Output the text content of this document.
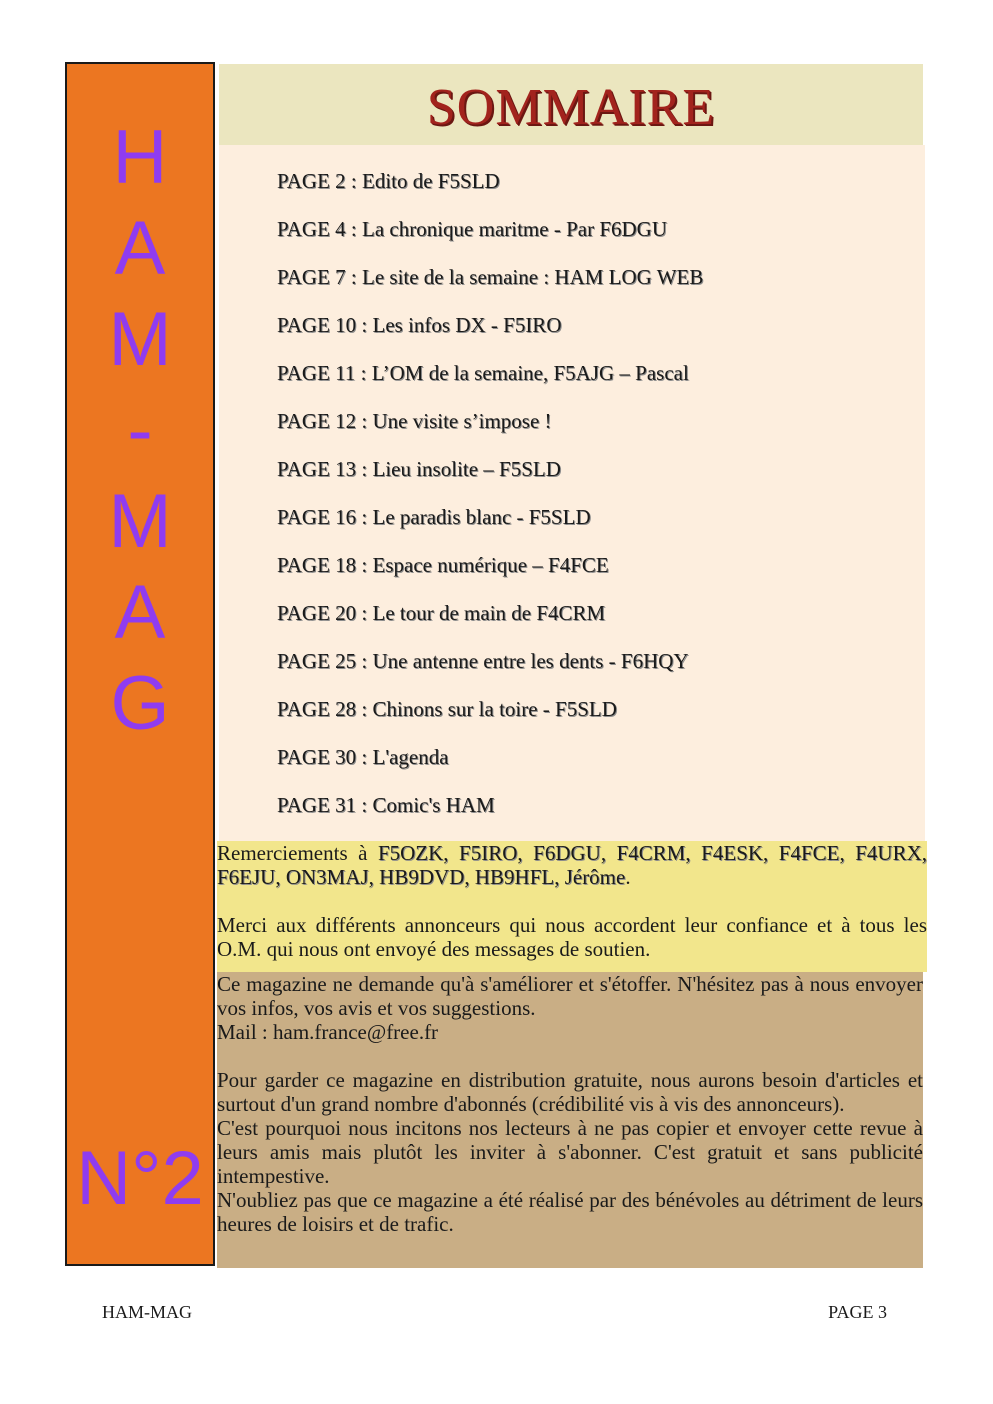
H
A
M
-
M
A
G
N°2
SOMMAIRE
PAGE 2 : Edito de F5SLD
PAGE 4 : La chronique maritme - Par F6DGU
PAGE 7 : Le site de la semaine : HAM LOG WEB
PAGE 10 : Les infos DX - F5IRO
PAGE 11 : L’OM de la semaine, F5AJG – Pascal
PAGE 12 : Une visite s’impose !
PAGE 13 : Lieu insolite – F5SLD
PAGE 16 : Le paradis blanc - F5SLD
PAGE 18 : Espace numérique – F4FCE
PAGE 20 : Le tour de main de F4CRM
PAGE 25 : Une antenne entre les dents - F6HQY
PAGE 28 : Chinons sur la toire - F5SLD
PAGE 30 : L'agenda
PAGE 31 : Comic's HAM

Remerciements à F5OZK, F5IRO, F6DGU, F4CRM, F4ESK, F4FCE, F4URX, F6EJU, ON3MAJ, HB9DVD, HB9HFL, Jérôme.

Merci aux différents annonceurs qui nous accordent leur confiance et à tous les O.M. qui nous ont envoyé des messages de soutien.

Ce magazine ne demande qu'à s'améliorer et s'étoffer. N'hésitez pas à nous envoyer vos infos, vos avis et vos suggestions.

Mail : ham.france@free.fr

Pour garder ce magazine en distribution gratuite, nous aurons besoin d'articles et surtout d'un grand nombre d'abonnés (crédibilité vis à vis des annonceurs).

C'est pourquoi nous incitons nos lecteurs à ne pas copier et envoyer cette revue à leurs amis mais plutôt les inviter à s'abonner. C'est gratuit et sans publicité intempestive.

N'oubliez pas que ce magazine a été réalisé par des bénévoles au détriment de leurs heures de loisirs et de trafic.

HAM-MAG	PAGE 3
